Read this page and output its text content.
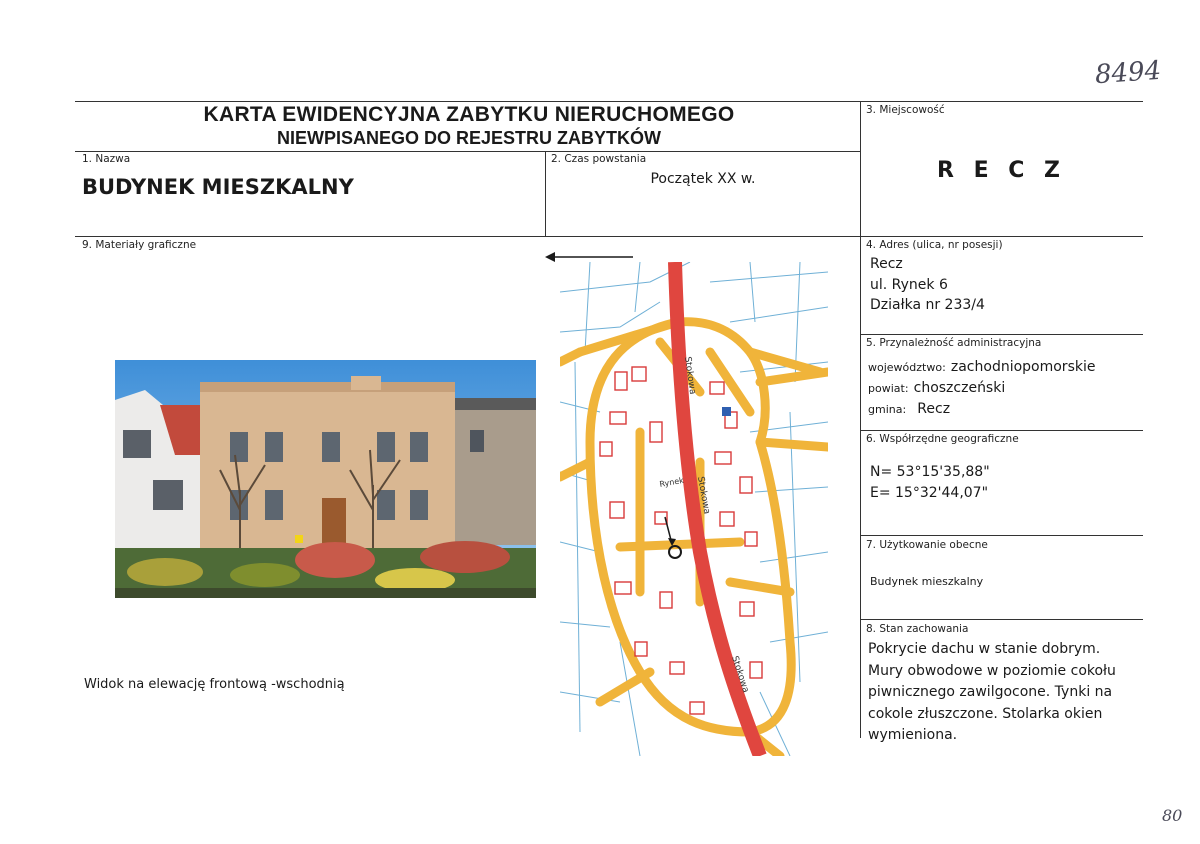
8494
80
KARTA EWIDENCYJNA ZABYTKU NIERUCHOMEGO
NIEWPISANEGO DO REJESTRU ZABYTKÓW
1. Nazwa
BUDYNEK MIESZKALNY
2. Czas powstania
Początek XX w.
3. Miejscowość
R E C Z
4. Adres (ulica, nr posesji)
Recz
ul. Rynek 6
Działka nr 233/4
5. Przynależność administracyjna
województwo: zachodniopomorskie
powiat: choszczeński
gmina: Recz
6. Współrzędne geograficzne
N= 53°15'35,88"
E= 15°32'44,07"
7. Użytkowanie obecne
Budynek mieszkalny
8. Stan zachowania
Pokrycie dachu w stanie dobrym.
Mury obwodowe w poziomie cokołu
piwnicznego zawilgocone. Tynki na
cokole złuszczone. Stolarka okien
wymieniona.
9. Materiały graficzne
Widok na elewację frontową -wschodnią
Stokowa
Stokowa
Stokowa
Rynek
